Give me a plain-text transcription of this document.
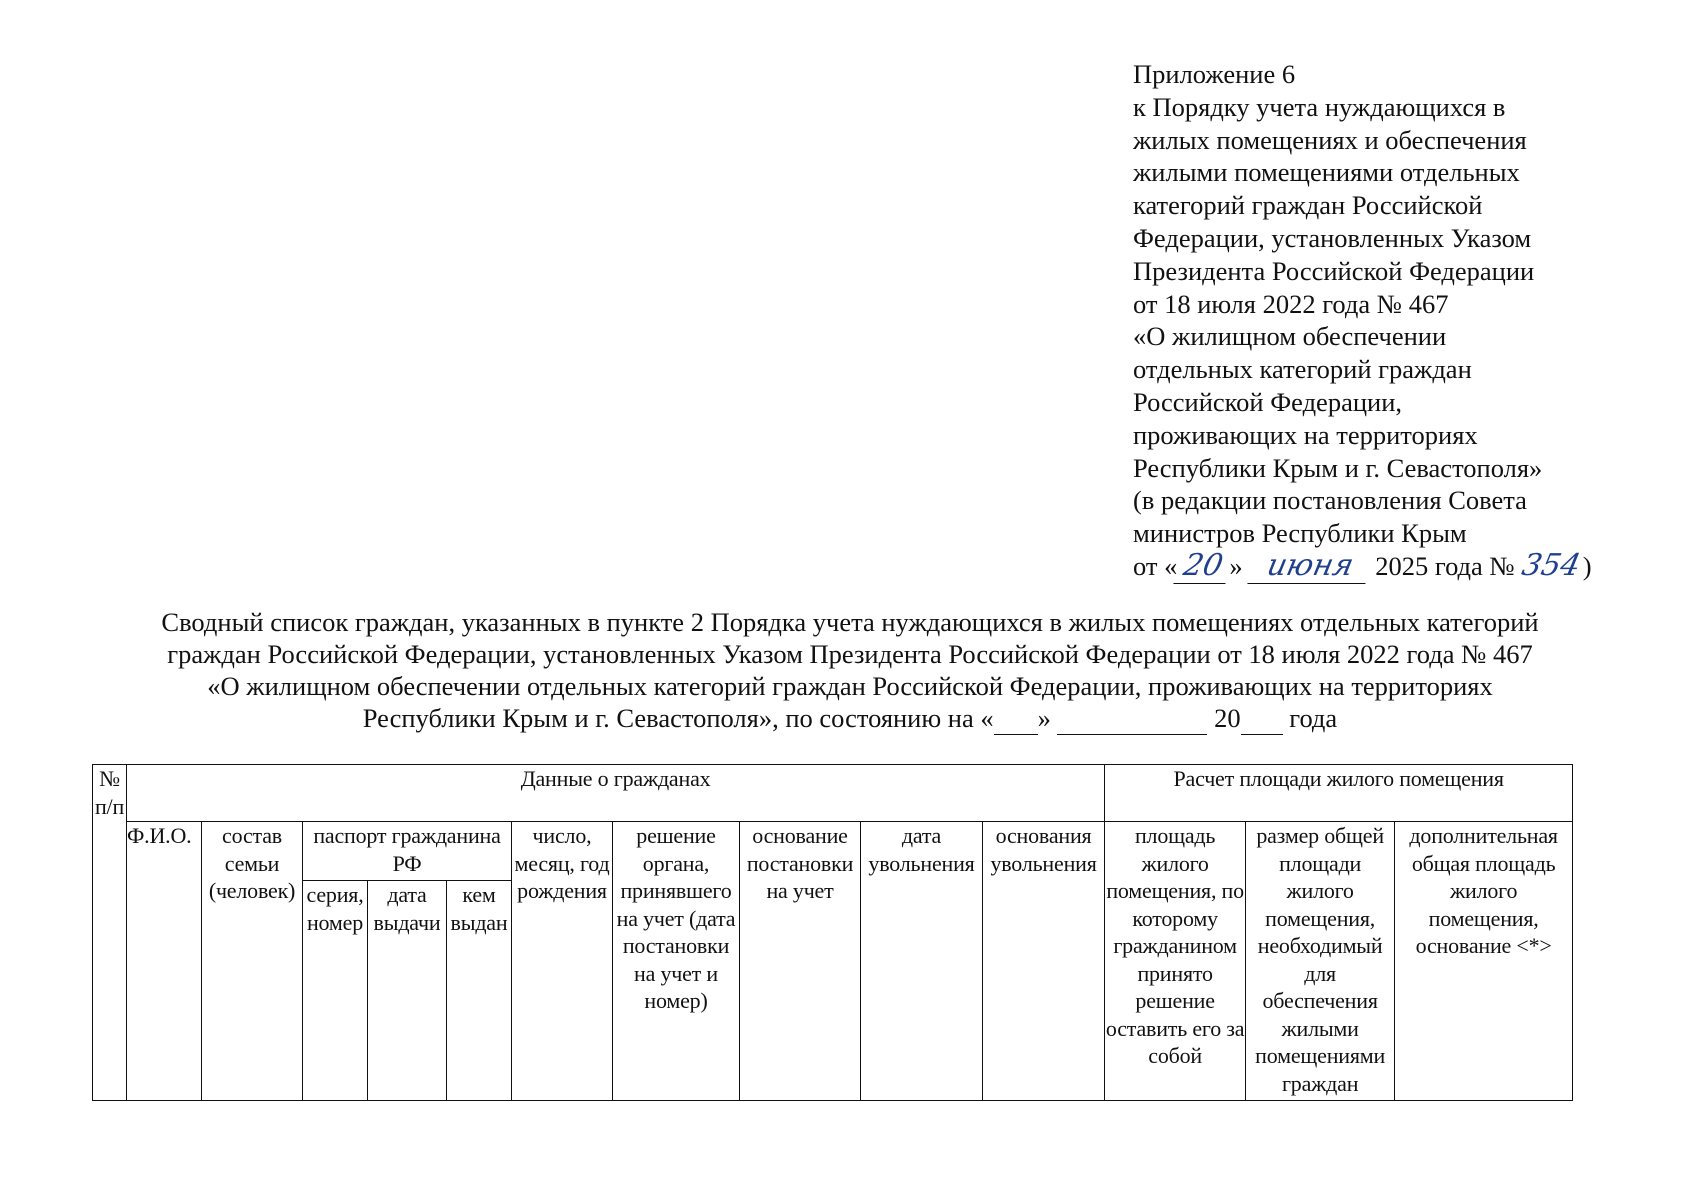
Приложение 6
к Порядку учета нуждающихся в
жилых помещениях и обеспечения
жилыми помещениями отдельных
категорий граждан Российской
Федерации, установленных Указом
Президента Российской Федерации
от 18 июля 2022 года № 467
«О жилищном обеспечении
отдельных категорий граждан
Российской Федерации,
проживающих на территориях
Республики Крым и г. Севастополя»
(в редакции постановления Совета
министров Республики Крым
от « 20 » июня 2025 года № 354)
Сводный список граждан, указанных в пункте 2 Порядка учета нуждающихся в жилых помещениях отдельных категорий
граждан Российской Федерации, установленных Указом Президента Российской Федерации от 18 июля 2022 года № 467
«О жилищном обеспечении отдельных категорий граждан Российской Федерации, проживающих на территориях
Республики Крым и г. Севастополя», по состоянию на « »	20 года
№ п/п	Данные о гражданах										Расчет площади жилого помещения		
	Ф.И.О.	состав семьи (человек)	паспорт гражданина РФ			число, месяц, год рождения	решение органа, принявшего на учет (дата постановки на учет и номер)	основание постановки на учет	дата увольнения	основания увольнения	площадь жилого помещения, по которому гражданином принято решение оставить его за собой	размер общей площади жилого помещения, необходимый для обеспечения жилыми помещениями граждан	дополнительная общая площадь жилого помещения, основание <*>
			серия, номер	дата выдачи	кем выдан								
